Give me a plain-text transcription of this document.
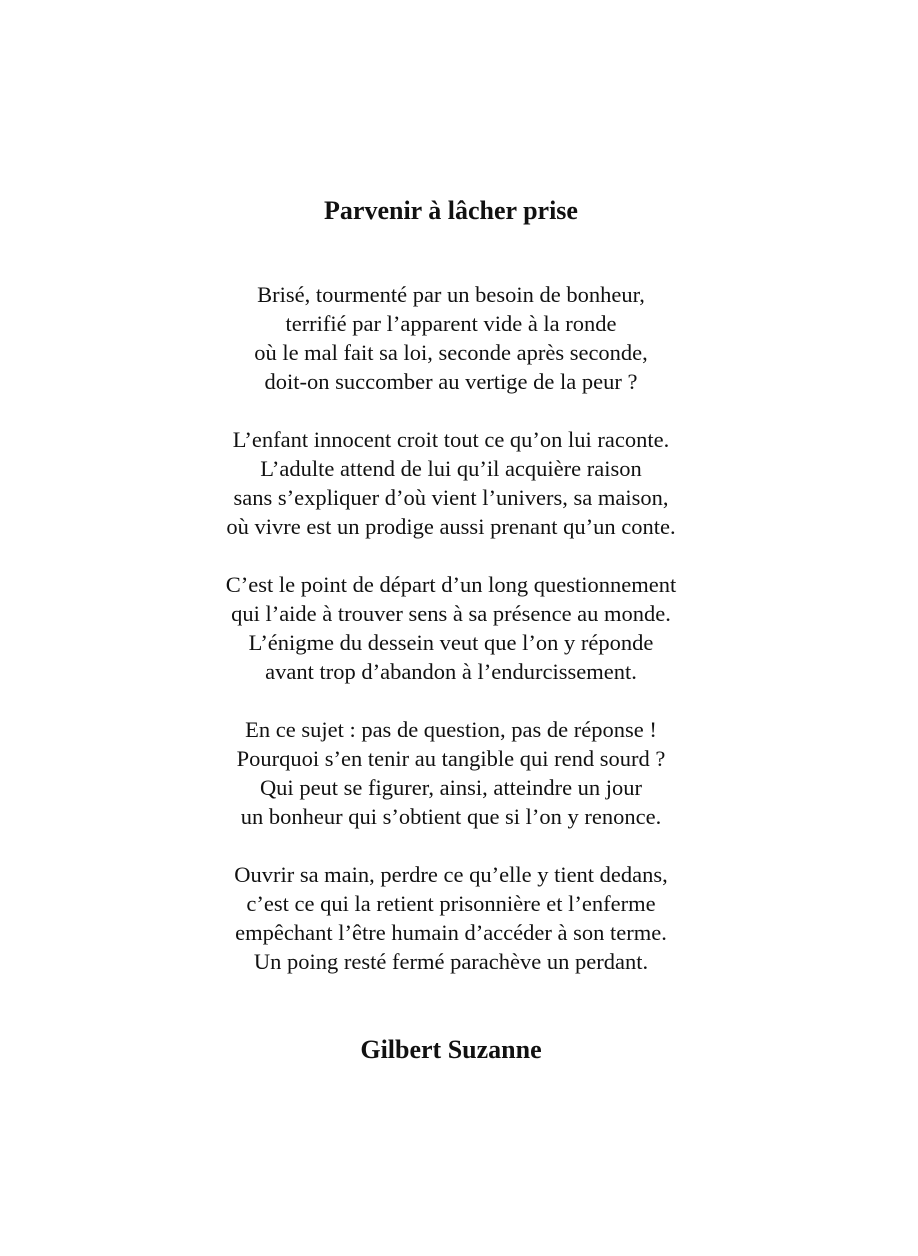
Parvenir à lâcher prise
Brisé, tourmenté par un besoin de bonheur,
terrifié par l’apparent vide à la ronde
où le mal fait sa loi, seconde après seconde,
doit-on succomber au vertige de la peur ?
L’enfant innocent croit tout ce qu’on lui raconte.
L’adulte attend de lui qu’il acquière raison
sans s’expliquer d’où vient l’univers, sa maison,
où vivre est un prodige aussi prenant qu’un conte.
C’est le point de départ d’un long questionnement
qui l’aide à trouver sens à sa présence au monde.
L’énigme du dessein veut que l’on y réponde
avant trop d’abandon à l’endurcissement.
En ce sujet : pas de question, pas de réponse !
Pourquoi s’en tenir au tangible qui rend sourd ?
Qui peut se figurer, ainsi, atteindre un jour
un bonheur qui s’obtient que si l’on y renonce.
Ouvrir sa main, perdre ce qu’elle y tient dedans,
c’est ce qui la retient prisonnière et l’enferme
empêchant l’être humain d’accéder à son terme.
Un poing resté fermé parachève un perdant.
Gilbert Suzanne
